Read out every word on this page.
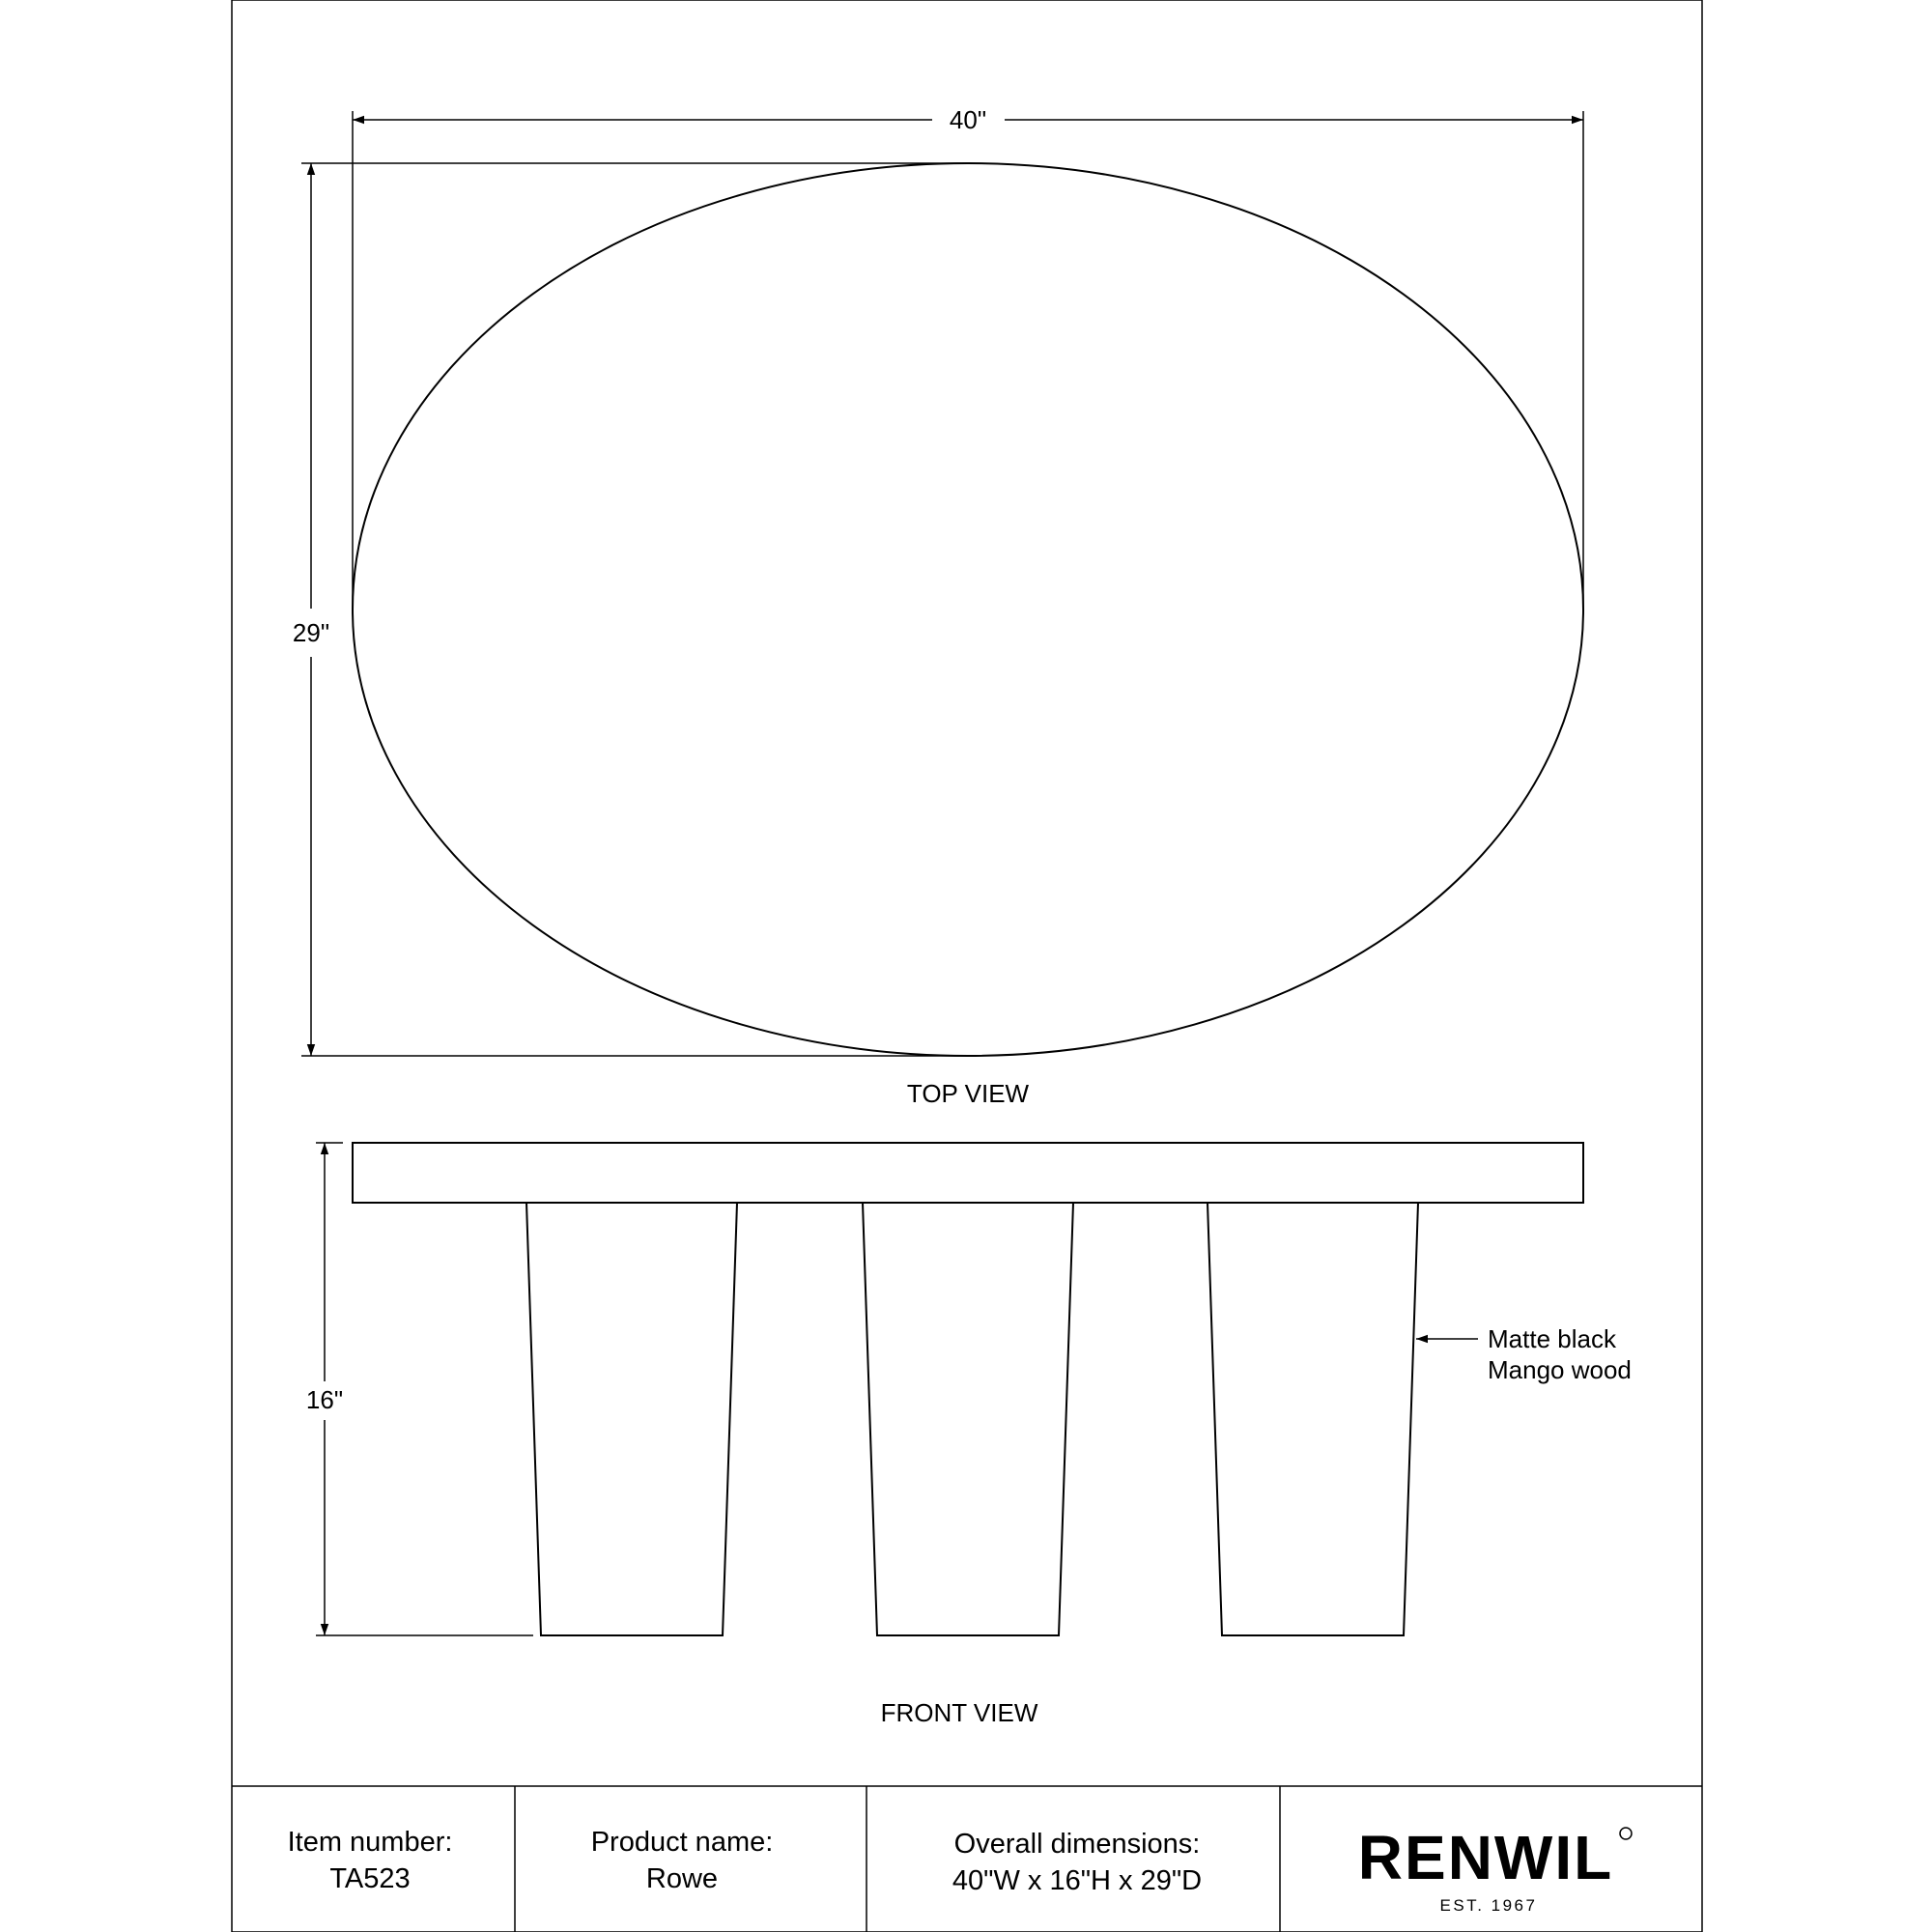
40"
29"
TOP VIEW
16"
Matte black
Mango wood
FRONT VIEW
Item number:
TA523
Product name:
Rowe
Overall dimensions:
40"W x 16"H x 29"D	RENWIL
EST. 1967
